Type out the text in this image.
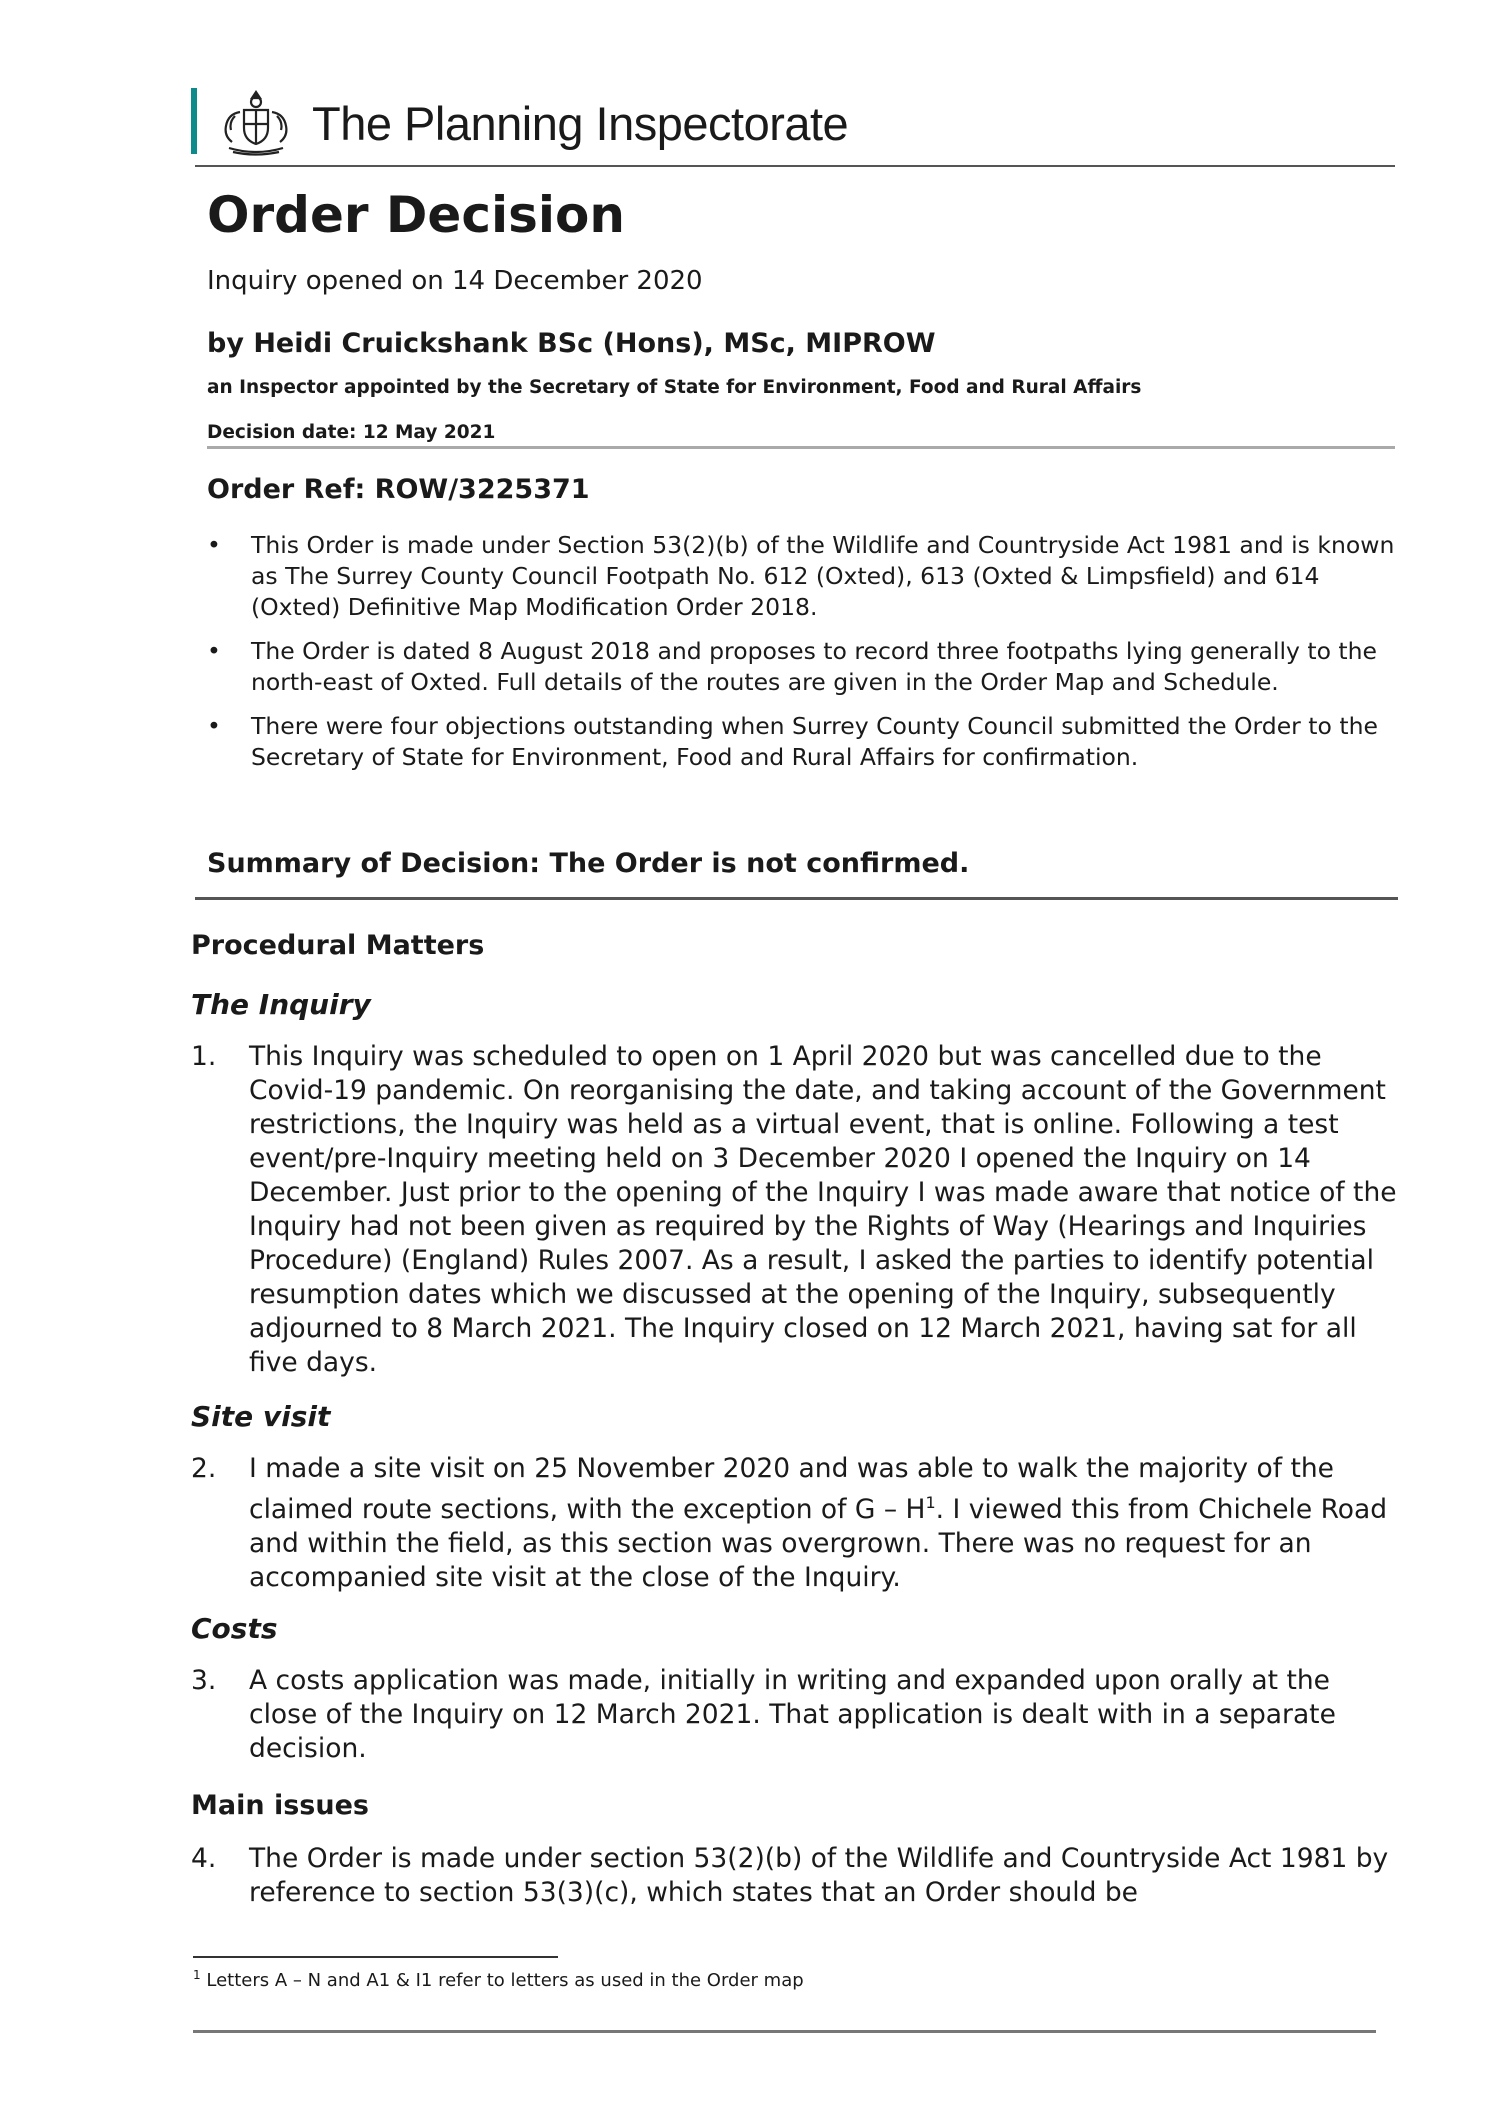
The Planning Inspectorate
Order Decision
Inquiry opened on 14 December 2020
by Heidi Cruickshank BSc (Hons), MSc, MIPROW
an Inspector appointed by the Secretary of State for Environment, Food and Rural Affairs
Decision date: 12 May 2021
Order Ref: ROW/3225371
• This Order is made under Section 53(2)(b) of the Wildlife and Countryside Act 1981 and is known as The Surrey County Council Footpath No. 612 (Oxted), 613 (Oxted & Limpsfield) and 614 (Oxted) Definitive Map Modification Order 2018.
• The Order is dated 8 August 2018 and proposes to record three footpaths lying generally to the north-east of Oxted. Full details of the routes are given in the Order Map and Schedule.
• There were four objections outstanding when Surrey County Council submitted the Order to the Secretary of State for Environment, Food and Rural Affairs for confirmation.
Summary of Decision: The Order is not confirmed.
Procedural Matters
The Inquiry
1. This Inquiry was scheduled to open on 1 April 2020 but was cancelled due to the Covid-19 pandemic. On reorganising the date, and taking account of the Government restrictions, the Inquiry was held as a virtual event, that is online. Following a test event/pre-Inquiry meeting held on 3 December 2020 I opened the Inquiry on 14 December. Just prior to the opening of the Inquiry I was made aware that notice of the Inquiry had not been given as required by the Rights of Way (Hearings and Inquiries Procedure) (England) Rules 2007. As a result, I asked the parties to identify potential resumption dates which we discussed at the opening of the Inquiry, subsequently adjourned to 8 March 2021. The Inquiry closed on 12 March 2021, having sat for all five days.
Site visit
2. I made a site visit on 25 November 2020 and was able to walk the majority of the claimed route sections, with the exception of G – $H^1$. I viewed this from Chichele Road and within the field, as this section was overgrown. There was no request for an accompanied site visit at the close of the Inquiry.
Costs
3. A costs application was made, initially in writing and expanded upon orally at the close of the Inquiry on 12 March 2021. That application is dealt with in a separate decision.
Main issues
4. The Order is made under section 53(2)(b) of the Wildlife and Countryside Act 1981 by reference to section 53(3)(c), which states that an Order should be
$^1$ Letters A – N and A1 & I1 refer to letters as used in the Order map
